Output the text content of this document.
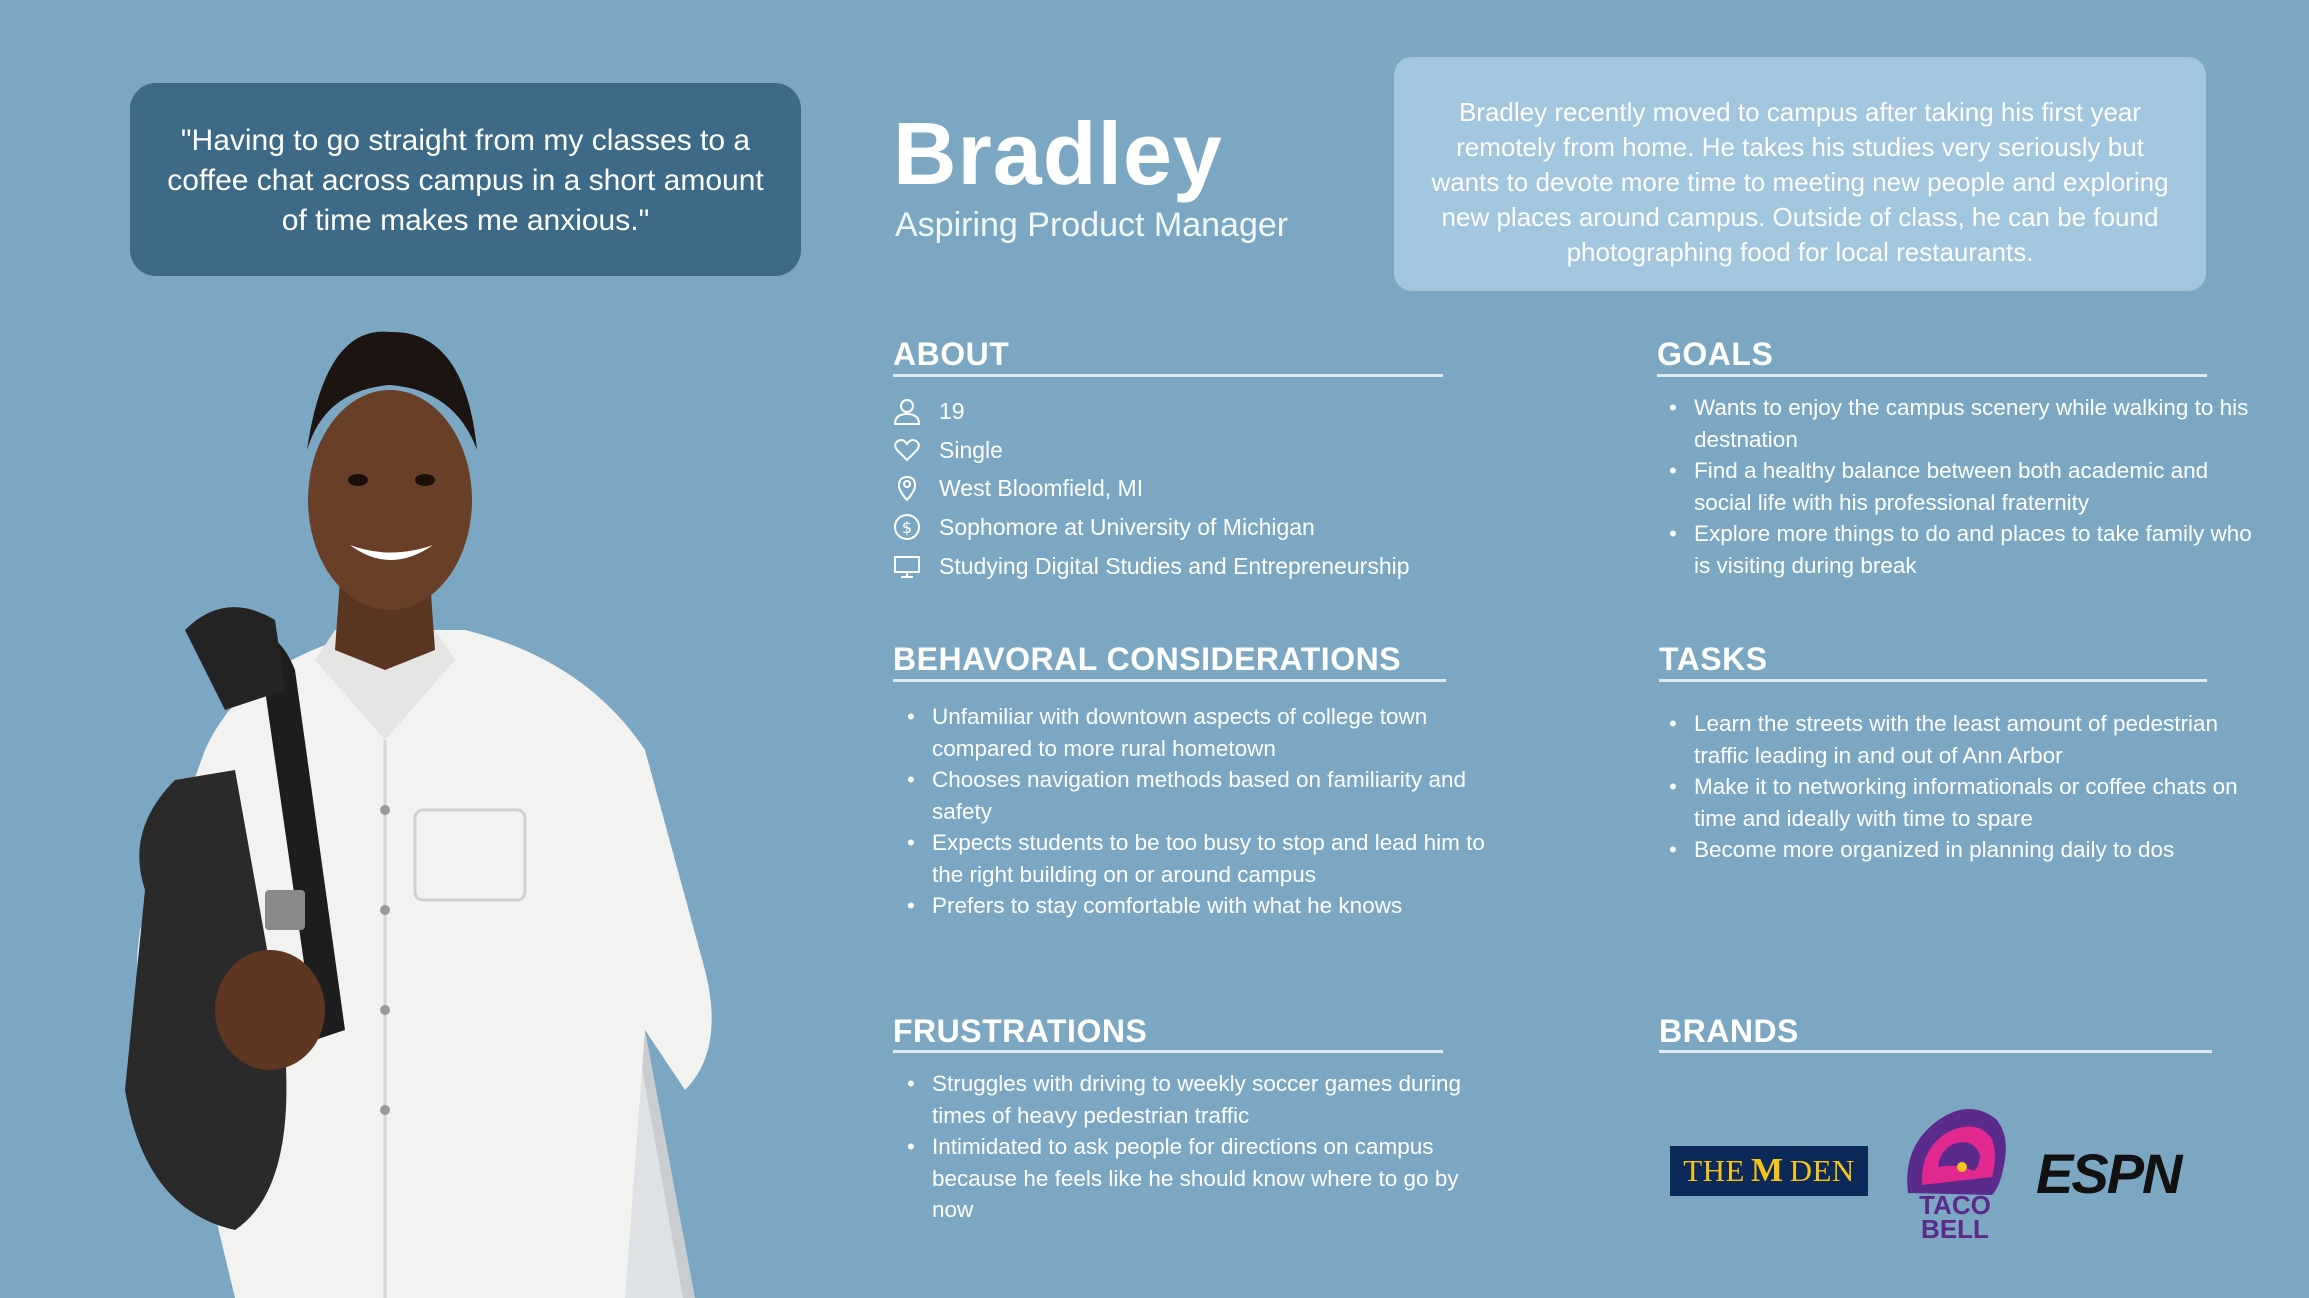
"Having to go straight from my classes to a coffee chat across campus in a short amount of time makes me anxious."
Bradley
Aspiring Product Manager
Bradley recently moved to campus after taking his first year remotely from home. He takes his studies very seriously but wants to devote more time to meeting new people and exploring new places around campus. Outside of class, he can be found photographing food for local restaurants.
ABOUT
19
Single
West Bloomfield, MI
$ Sophomore at University of Michigan
Studying Digital Studies and Entrepreneurship
GOALS
• Wants to enjoy the campus scenery while walking to his destnation
• Find a healthy balance between both academic and social life with his professional fraternity
• Explore more things to do and places to take family who is visiting during break
BEHAVORAL CONSIDERATIONS
• Unfamiliar with downtown aspects of college town compared to more rural hometown
• Chooses navigation methods based on familiarity and safety
• Expects students to be too busy to stop and lead him to the right building on or around campus
• Prefers to stay comfortable with what he knows
TASKS
• Learn the streets with the least amount of pedestrian traffic leading in and out of Ann Arbor
• Make it to networking informationals or coffee chats on time and ideally with time to spare
• Become more organized in planning daily to dos
FRUSTRATIONS
• Struggles with driving to weekly soccer games during times of heavy pedestrian traffic
• Intimidated to ask people for directions on campus because he feels like he should know where to go by now
BRANDS
THE M DEN
TACO BELL
ESPN
